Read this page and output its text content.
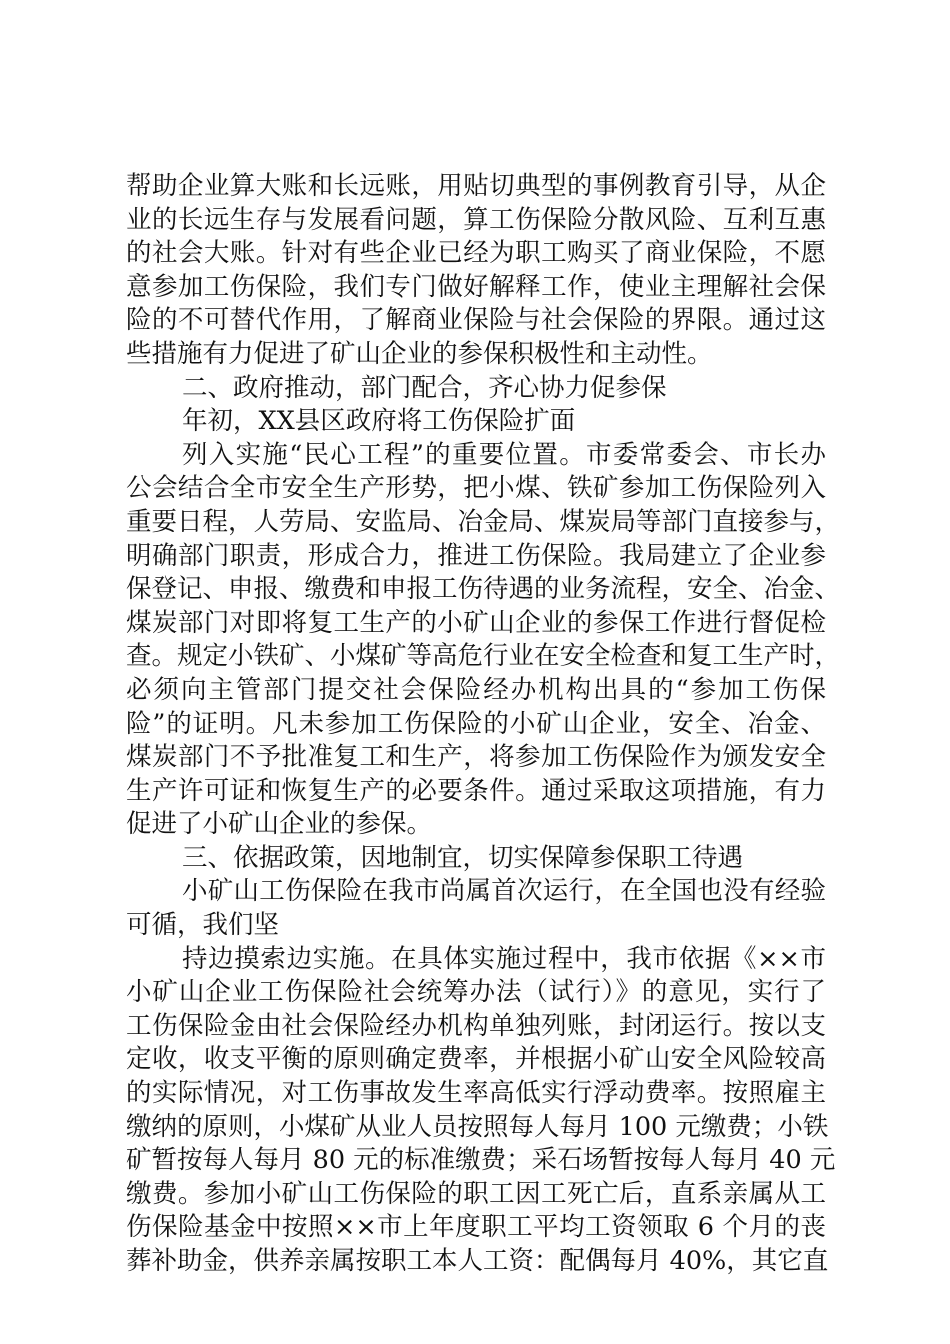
帮助企业算大账和长远账，用贴切典型的事例教育引导，从企
业的长远生存与发展看问题，算工伤保险分散风险、互利互惠
的社会大账。针对有些企业已经为职工购买了商业保险，不愿
意参加工伤保险，我们专门做好解释工作，使业主理解社会保
险的不可替代作用，了解商业保险与社会保险的界限。通过这
些措施有力促进了矿山企业的参保积极性和主动性。
二、政府推动，部门配合，齐心协力促参保
年初，XX县区政府将工伤保险扩面
列入实施“民心工程”的重要位置。市委常委会、市长办
公会结合全市安全生产形势，把小煤、铁矿参加工伤保险列入
重要日程，人劳局、安监局、冶金局、煤炭局等部门直接参与，
明确部门职责，形成合力，推进工伤保险。我局建立了企业参
保登记、申报、缴费和申报工伤待遇的业务流程，安全、冶金、
煤炭部门对即将复工生产的小矿山企业的参保工作进行督促检
查。规定小铁矿、小煤矿等高危行业在安全检查和复工生产时，
必须向主管部门提交社会保险经办机构出具的“参加工伤保
险”的证明。凡未参加工伤保险的小矿山企业，安全、冶金、
煤炭部门不予批准复工和生产，将参加工伤保险作为颁发安全
生产许可证和恢复生产的必要条件。通过采取这项措施，有力
促进了小矿山企业的参保。
三、依据政策，因地制宜，切实保障参保职工待遇
小矿山工伤保险在我市尚属首次运行，在全国也没有经验
可循，我们坚
持边摸索边实施。在具体实施过程中，我市依据《××市
小矿山企业工伤保险社会统筹办法（试行）》的意见，实行了
工伤保险金由社会保险经办机构单独列账，封闭运行。按以支
定收，收支平衡的原则确定费率，并根据小矿山安全风险较高
的实际情况，对工伤事故发生率高低实行浮动费率。按照雇主
缴纳的原则，小煤矿从业人员按照每人每月 100 元缴费；小铁
矿暂按每人每月 80 元的标准缴费；采石场暂按每人每月 40 元
缴费。参加小矿山工伤保险的职工因工死亡后，直系亲属从工
伤保险基金中按照××市上年度职工平均工资领取 6 个月的丧
葬补助金，供养亲属按职工本人工资：配偶每月 40%，其它直
